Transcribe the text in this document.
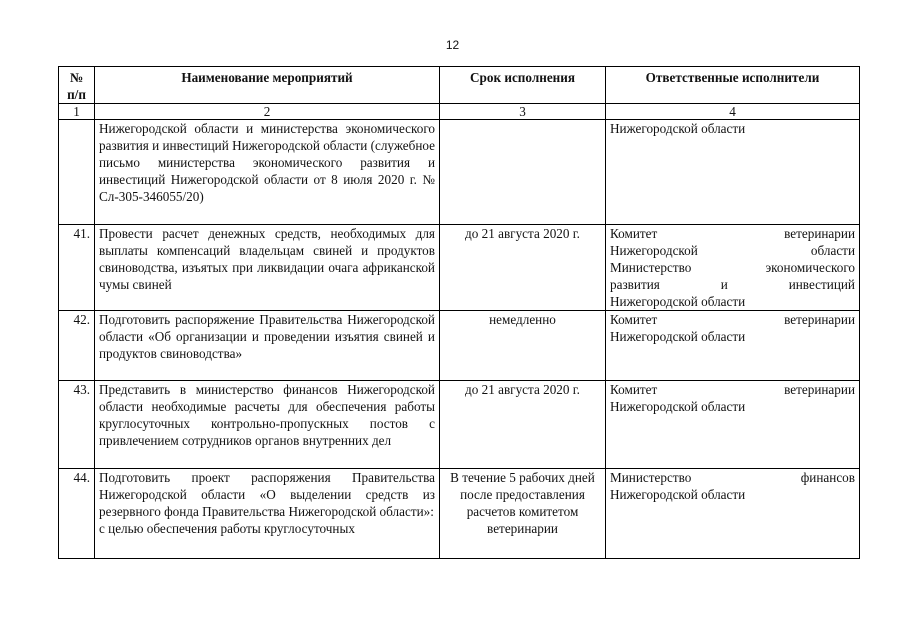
12
№ п/п	Наименование мероприятий	Срок исполнения	Ответственные исполнители
1	2	3	4
	Нижегородской области и министерства экономического развития и инвестиций Нижегородской области (служебное письмо министерства экономического развития и инвестиций Нижегородской области от 8 июля 2020 г. № Сл-305-346055/20)		Нижегородской области

41.	Провести расчет денежных средств, необходимых для выплаты компенсаций владельцам свиней и продуктов свиноводства, изъятых при ликвидации очага африканской чумы свиней	до 21 августа 2020 г.	Комитет ветеринарии
Нижегородской области
Министерство экономического
развития и инвестиций
Нижегородской области

42.	Подготовить распоряжение Правительства Нижегородской области «Об организации и проведении изъятия свиней и продуктов свиноводства»	немедленно	Комитет ветеринарии
Нижегородской области

43.	Представить в министерство финансов Нижегородской области необходимые расчеты для обеспечения работы круглосуточных контрольно-пропускных постов с привлечением сотрудников органов внутренних дел	до 21 августа 2020 г.	Комитет ветеринарии
Нижегородской области

44.	Подготовить проект распоряжения Правительства Нижегородской области «О выделении средств из резервного фонда Правительства Нижегородской области»:
с целью обеспечения работы круглосуточных	В течение 5 рабочих дней после предоставления расчетов комитетом ветеринарии	Министерство финансов
Нижегородской области
